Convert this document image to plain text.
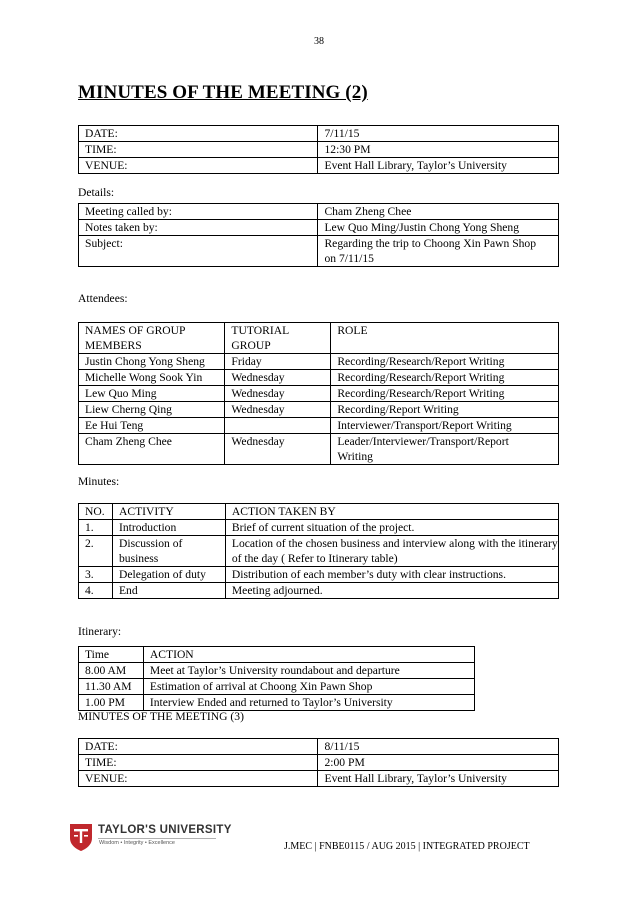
38
MINUTES OF THE MEETING (2)
DATE:	7/11/15
TIME:	12:30 PM
VENUE:	Event Hall Library, Taylor’s University
Details:
Meeting called by:	Cham Zheng Chee
Notes taken by:	Lew Quo Ming/Justin Chong Yong Sheng
Subject:	Regarding the trip to Choong Xin Pawn Shop on 7/11/15
Attendees:
NAMES OF GROUP MEMBERS	TUTORIAL GROUP	ROLE
Justin Chong Yong Sheng	Friday	Recording/Research/Report Writing
Michelle Wong Sook Yin	Wednesday	Recording/Research/Report Writing
Lew Quo Ming	Wednesday	Recording/Research/Report Writing
Liew Cherng Qing	Wednesday	Recording/Report Writing
Ee Hui Teng		Interviewer/Transport/Report Writing
Cham Zheng Chee	Wednesday	Leader/Interviewer/Transport/Report Writing
Minutes:
NO.	ACTIVITY	ACTION TAKEN BY
1.	Introduction	Brief of current situation of the project.
2.	Discussion of business	Location of the chosen business and interview along with the itinerary of the day ( Refer to Itinerary table)
3.	Delegation of duty	Distribution of each member’s duty with clear instructions.
4.	End	Meeting adjourned.
Itinerary:
Time	ACTION
8.00 AM	Meet at Taylor’s University roundabout and departure
11.30 AM	Estimation of arrival at Choong Xin Pawn Shop
1.00 PM	Interview Ended and returned to Taylor’s University
MINUTES OF THE MEETING (3)
DATE:	8/11/15
TIME:	2:00 PM
VENUE:	Event Hall Library, Taylor’s University
TAYLOR'S UNIVERSITY
Wisdom • Integrity • Excellence	J.MEC | FNBE0115 / AUG 2015 | INTEGRATED PROJECT
